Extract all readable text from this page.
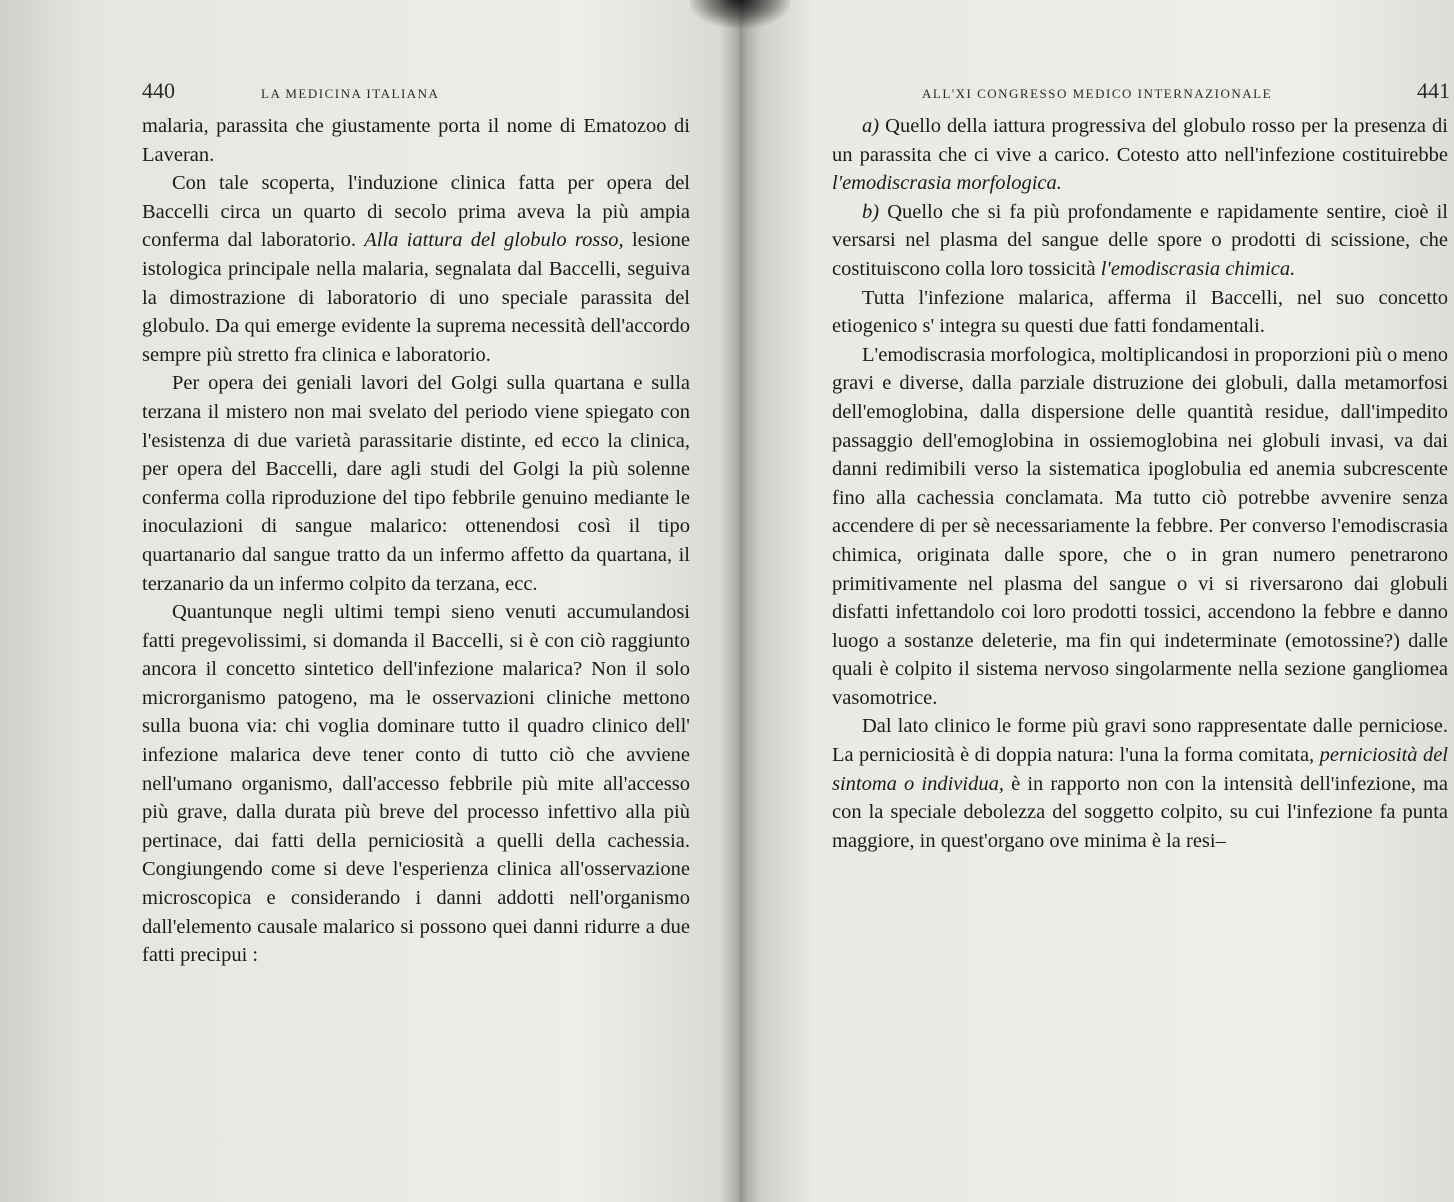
440	LA MEDICINA ITALIANA

malaria, parassita che giustamente porta il nome di Ematozoo di Laveran.

Con tale scoperta, l'induzione clinica fatta per opera del Baccelli circa un quarto di secolo prima aveva la più ampia conferma dal laboratorio. Alla iattura del globulo rosso, lesione istologica principale nella malaria, segnalata dal Baccelli, seguiva la dimostrazione di laboratorio di uno speciale parassita del globulo. Da qui emerge evidente la suprema necessità dell'accordo sempre più stretto fra clinica e laboratorio.

Per opera dei geniali lavori del Golgi sulla quartana e sulla terzana il mistero non mai svelato del periodo viene spiegato con l'esistenza di due varietà parassitarie distinte, ed ecco la clinica, per opera del Baccelli, dare agli studi del Golgi la più solenne conferma colla riproduzione del tipo febbrile genuino mediante le inoculazioni di sangue malarico: ottenendosi così il tipo quartanario dal sangue tratto da un infermo affetto da quartana, il terzanario da un infermo colpito da terzana, ecc.

Quantunque negli ultimi tempi sieno venuti accumulandosi fatti pregevolissimi, si domanda il Baccelli, si è con ciò raggiunto ancora il concetto sintetico dell'infezione malarica? Non il solo microrganismo patogeno, ma le osservazioni cliniche mettono sulla buona via: chi voglia dominare tutto il quadro clinico dell' infezione malarica deve tener conto di tutto ciò che avviene nell'umano organismo, dall'accesso febbrile più mite all'accesso più grave, dalla durata più breve del processo infettivo alla più pertinace, dai fatti della perniciosità a quelli della cachessia. Congiungendo come si deve l'esperienza clinica all'osservazione microscopica e considerando i danni addotti nell'organismo dall'elemento causale malarico si possono quei danni ridurre a due fatti precipui :

ALL'XI CONGRESSO MEDICO INTERNAZIONALE	441

a) Quello della iattura progressiva del globulo rosso per la presenza di un parassita che ci vive a carico. Cotesto atto nell'infezione costituirebbe l'emodiscrasia morfologica.

b) Quello che si fa più profondamente e rapidamente sentire, cioè il versarsi nel plasma del sangue delle spore o prodotti di scissione, che costituiscono colla loro tossicità l'emodiscrasia chimica.

Tutta l'infezione malarica, afferma il Baccelli, nel suo concetto etiogenico s' integra su questi due fatti fondamentali.

L'emodiscrasia morfologica, moltiplicandosi in proporzioni più o meno gravi e diverse, dalla parziale distruzione dei globuli, dalla metamorfosi dell'emoglobina, dalla dispersione delle quantità residue, dall'impedito passaggio dell'emoglobina in ossiemoglobina nei globuli invasi, va dai danni redimibili verso la sistematica ipoglobulia ed anemia subcrescente fino alla cachessia conclamata. Ma tutto ciò potrebbe avvenire senza accendere di per sè necessariamente la febbre. Per converso l'emodiscrasia chimica, originata dalle spore, che o in gran numero penetrarono primitivamente nel plasma del sangue o vi si riversarono dai globuli disfatti infettandolo coi loro prodotti tossici, accendono la febbre e danno luogo a sostanze deleterie, ma fin qui indeterminate (emotossine?) dalle quali è colpito il sistema nervoso singolarmente nella sezione gangliomea vasomotrice.

Dal lato clinico le forme più gravi sono rappresentate dalle perniciose. La perniciosità è di doppia natura: l'una la forma comitata, perniciosità del sintoma o individua, è in rapporto non con la intensità dell'infezione, ma con la speciale debolezza del soggetto colpito, su cui l'infezione fa punta maggiore, in quest'organo ove minima è la resi–
